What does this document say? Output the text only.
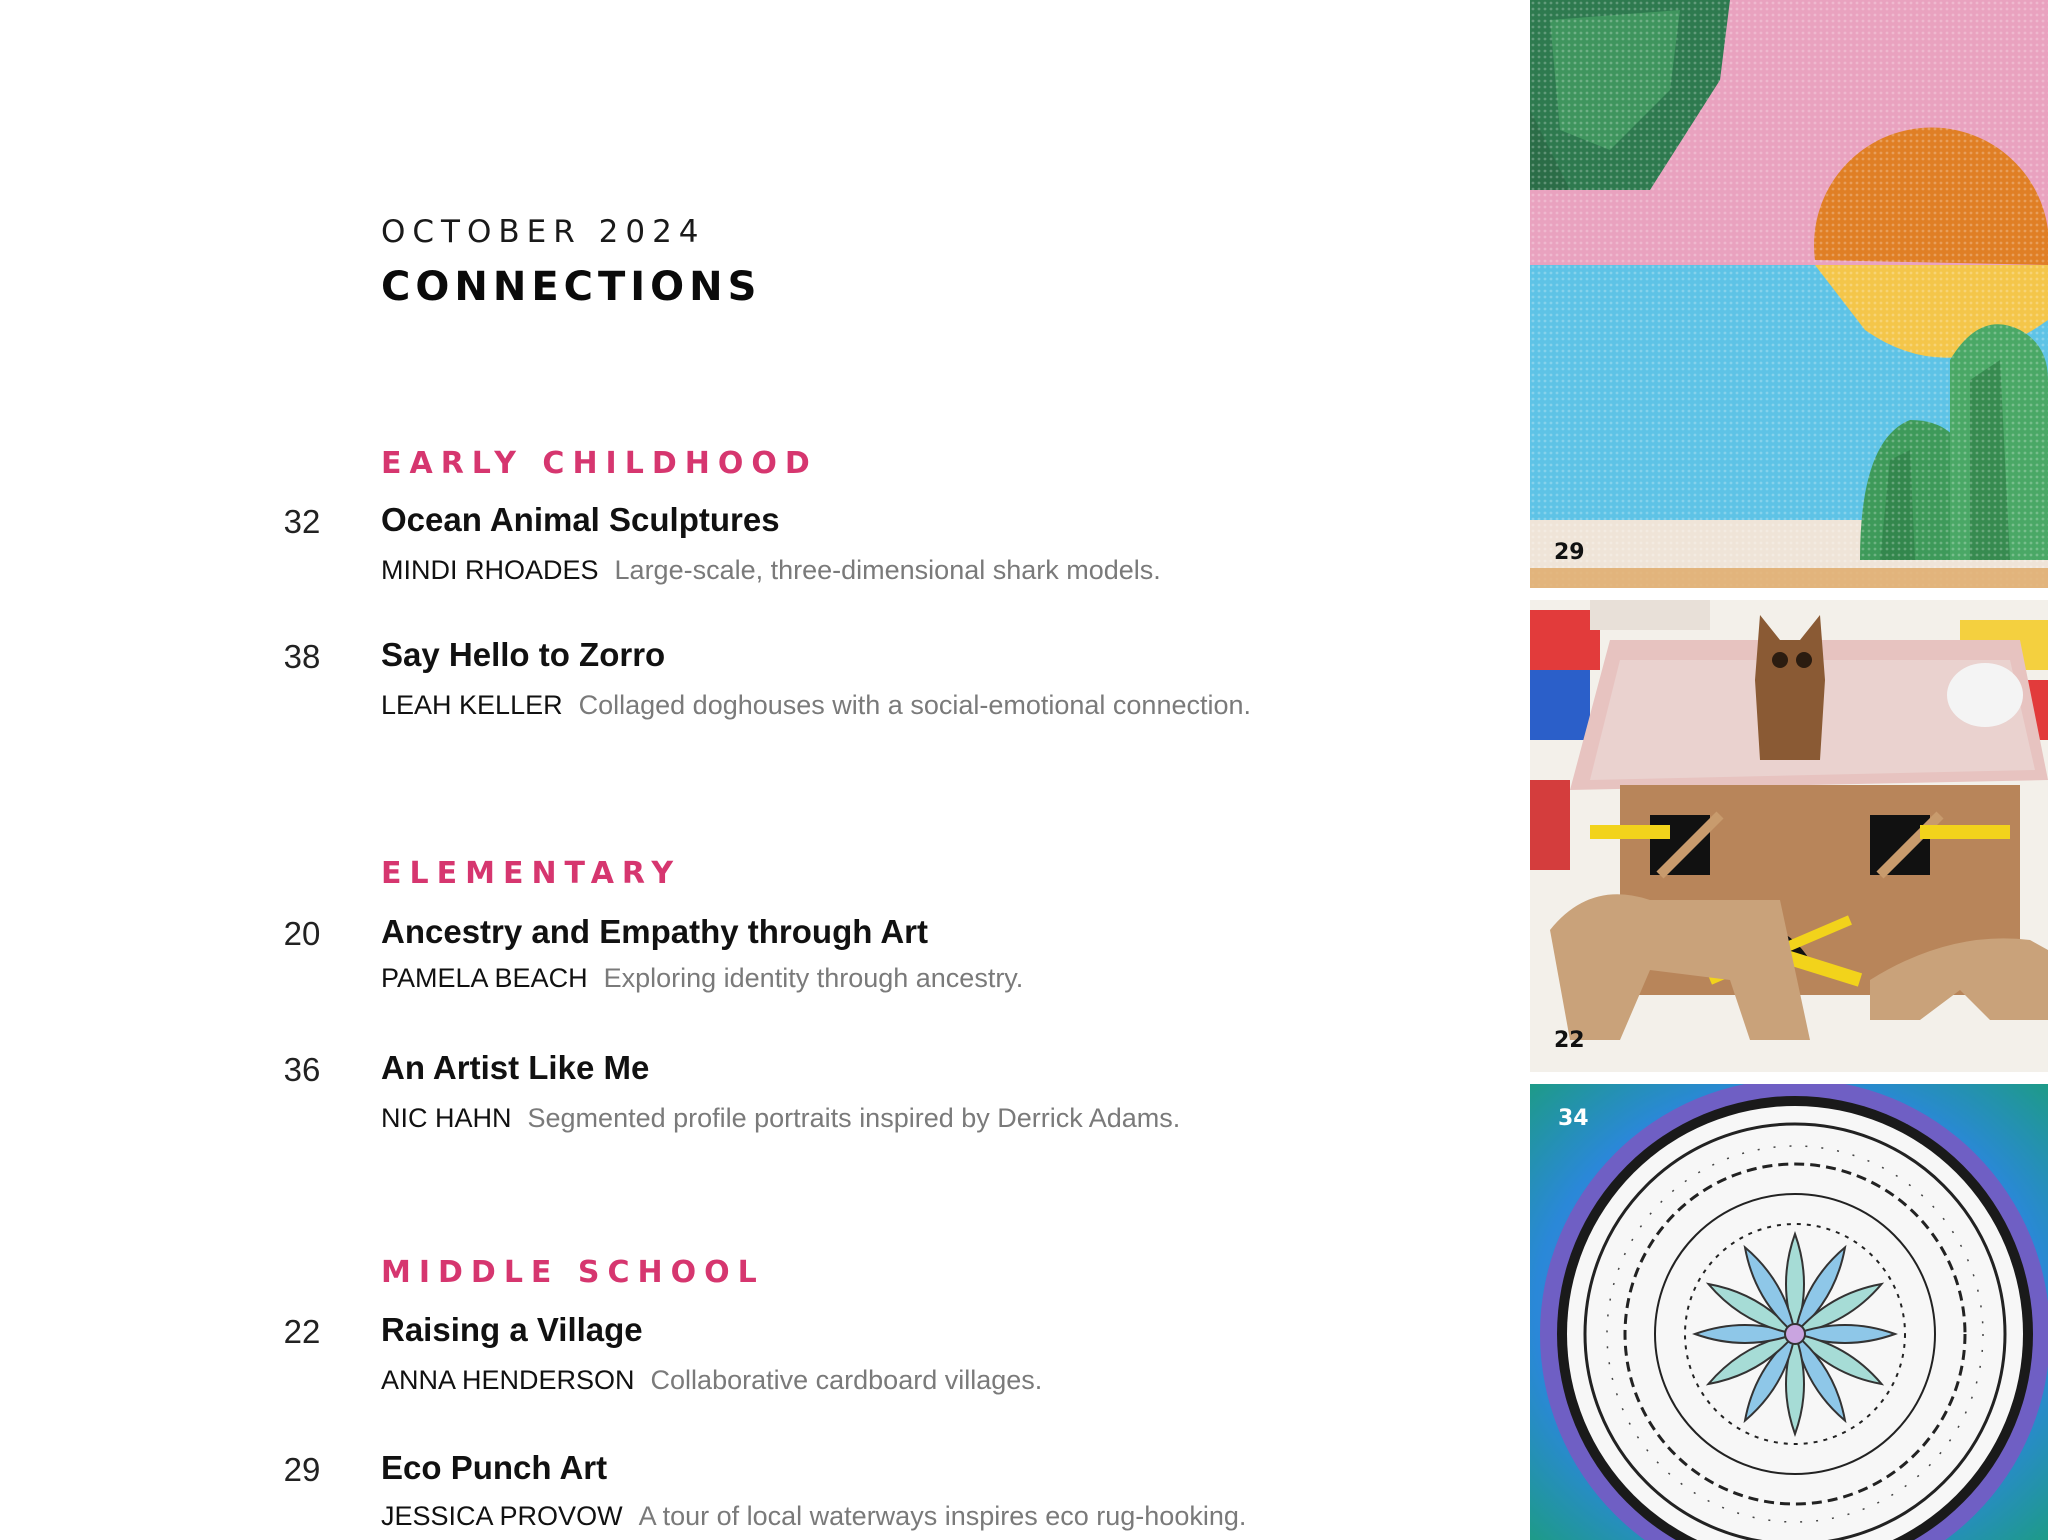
OCTOBER 2024
CONNECTIONS
EARLY CHILDHOOD
32	Ocean Animal Sculptures
MINDI RHOADES Large-scale, three-dimensional shark models.
38	Say Hello to Zorro
LEAH KELLER Collaged doghouses with a social-emotional connection.
ELEMENTARY
20	Ancestry and Empathy through Art
PAMELA BEACH Exploring identity through ancestry.
36	An Artist Like Me
NIC HAHN Segmented profile portraits inspired by Derrick Adams.
MIDDLE SCHOOL
22	Raising a Village
ANNA HENDERSON Collaborative cardboard villages.
29	Eco Punch Art
JESSICA PROVOW A tour of local waterways inspires eco rug-hooking.
29
22
34
